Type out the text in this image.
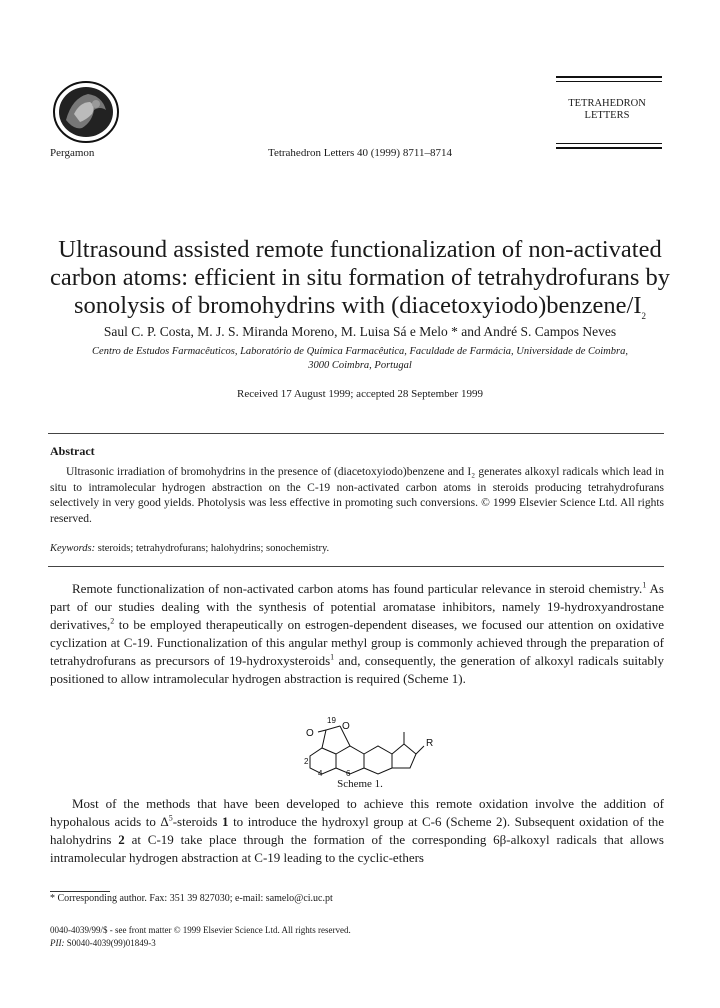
Pergamon	Tetrahedron Letters 40 (1999) 8711–8714
TETRAHEDRON
LETTERS
Ultrasound assisted remote functionalization of non-activated
carbon atoms: efficient in situ formation of tetrahydrofurans by
sonolysis of bromohydrins with $(diacetoxyiodo)benzene/I_2$
Saul C. P. Costa, M. J. S. Miranda Moreno, M. Luisa Sá e Melo * and André S. Campos Neves
Centro de Estudos Farmacêuticos, Laboratório de Química Farmacêutica, Faculdade de Farmácia, Universidade de Coimbra,
3000 Coimbra, Portugal
Received 17 August 1999; accepted 28 September 1999
Abstract
Ultrasonic irradiation of bromohydrins in the presence of (diacetoxyiodo)benzene and I₂ generates alkoxyl radicals which lead in situ to intramolecular hydrogen abstraction on the C-19 non-activated carbon atoms in steroids producing tetrahydrofurans selectively in very good yields. Photolysis was less effective in promoting such conversions. © 1999 Elsevier Science Ltd. All rights reserved.
Keywords: steroids; tetrahydrofurans; halohydrins; sonochemistry.
Remote functionalization of non-activated carbon atoms has found particular relevance in steroid chemistry.$^1$ As part of our studies dealing with the synthesis of potential aromatase inhibitors, namely 19-hydroxyandrostane derivatives,$^2$ to be employed therapeutically on estrogen-dependent diseases, we focused our attention on oxidative cyclization at C-19. Functionalization of this angular methyl group is commonly achieved through the preparation of tetrahydrofurans as precursors of 19-hydroxysteroids$^1$ and, consequently, the generation of alkoxyl radicals suitably positioned to allow intramolecular hydrogen abstraction is required (Scheme 1).
19
O
O
R
2
4	6
Scheme 1.
Most of the methods that have been developed to achieve this remote oxidation involve the addition of hypohalous acids to $\Delta^5$-steroids 1 to introduce the hydroxyl group at C-6 (Scheme 2). Subsequent oxidation of the halohydrins 2 at C-19 take place through the formation of the corresponding 6β-alkoxyl radicals that allows intramolecular hydrogen abstraction at C-19 leading to the cyclic-ethers
* Corresponding author. Fax: 351 39 827030; e-mail: samelo@ci.uc.pt
0040-4039/99/$ - see front matter © 1999 Elsevier Science Ltd. All rights reserved.
PII: S0040-4039(99)01849-3
